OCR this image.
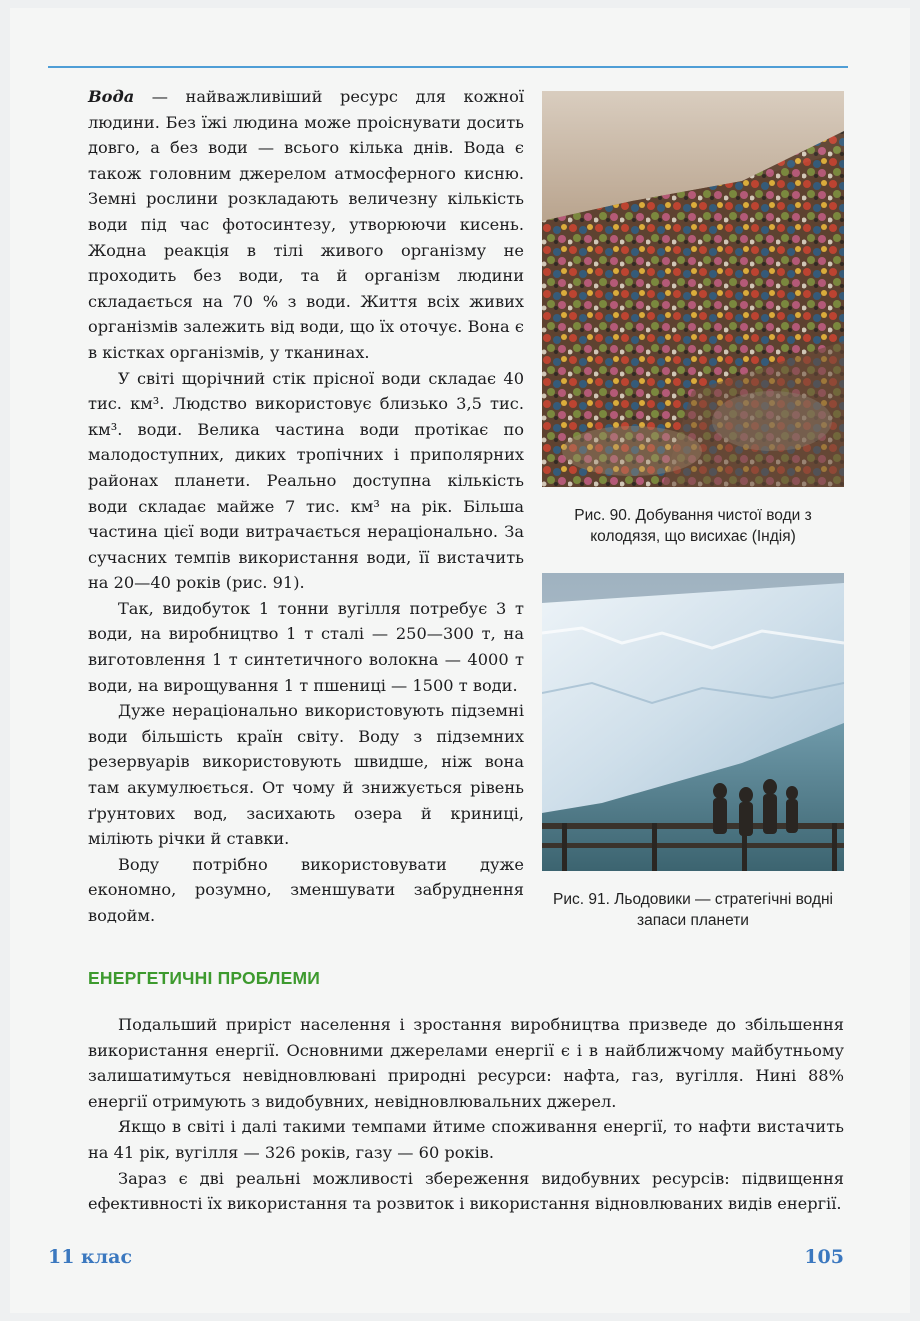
Вода — найважливіший ресурс для кожної людини. Без їжі людина може проіснувати досить довго, а без води — всього кілька днів. Вода є також головним джерелом атмосферного кисню. Земні рослини розкладають величезну кількість води під час фотосинтезу, утворюючи кисень. Жодна реакція в тілі живого організму не проходить без води, та й організм людини складається на 70 % з води. Життя всіх живих організмів залежить від води, що їх оточує. Вона є в кістках організмів, у тканинах.

У світі щорічний стік прісної води складає 40 тис. км³. Людство використовує близько 3,5 тис. км³. води. Велика частина води протікає по малодоступних, диких тропічних і приполярних районах планети. Реально доступна кількість води складає майже 7 тис. км³ на рік. Більша частина цієї води витрачається нераціонально. За сучасних темпів використання води, її вистачить на 20—40 років (рис. 91).

Так, видобуток 1 тонни вугілля потребує 3 т води, на виробництво 1 т сталі — 250—300 т, на виготовлення 1 т синтетичного волокна — 4000 т води, на вирощування 1 т пшениці — 1500 т води.

Дуже нераціонально використовують підземні води більшість країн світу. Воду з підземних резервуарів використовують швидше, ніж вона там акумулюється. От чому й знижується рівень ґрунтових вод, засихають озера й криниці, міліють річки й ставки.

Воду потрібно використовувати дуже економно, розумно, зменшувати забруднення водойм.

Рис. 90. Добування чистої води з колодязя, що висихає (Індія)
Рис. 91. Льодовики — стратегічні водні запаси планети
ЕНЕРГЕТИЧНІ ПРОБЛЕМИ

Подальший приріст населення і зростання виробництва призведе до збільшення використання енергії. Основними джерелами енергії є і в найближчому майбутньому залишатимуться невідновлювані природні ресурси: нафта, газ, вугілля. Нині 88% енергії отримують з видобувних, невідновлювальних джерел.

Якщо в світі і далі такими темпами йтиме споживання енергії, то нафти вистачить на 41 рік, вугілля — 326 років, газу — 60 років.

Зараз є дві реальні можливості збереження видобувних ресурсів: підвищення ефективності їх використання та розвиток і використання відновлюваних видів енергії.

11 клас	105
